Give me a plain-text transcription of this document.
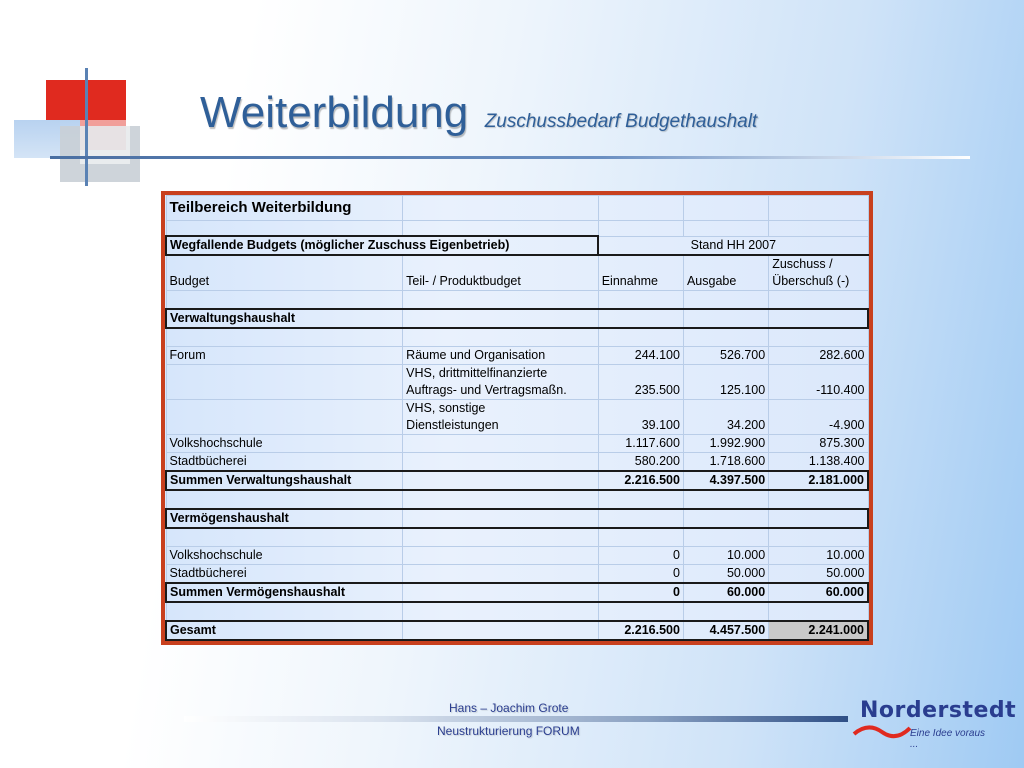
Weiterbildung Zuschussbedarf Budgethaushalt
Teilbereich Weiterbildung				

Wegfallende Budgets (möglicher Zuschuss Eigenbetrieb)		Stand HH 2007		
Budget	Teil- / Produktbudget	Einnahme	Ausgabe	Zuschuss /
Überschuß (-)

Verwaltungshaushalt				

Forum	Räume und Organisation	244.100	526.700	282.600
	VHS, drittmittelfinanzierte
Auftrags- und Vertragsmaßn.	235.500	125.100	-110.400
	VHS, sonstige
Dienstleistungen	39.100	34.200	-4.900
Volkshochschule		1.117.600	1.992.900	875.300
Stadtbücherei		580.200	1.718.600	1.138.400
Summen Verwaltungshaushalt		2.216.500	4.397.500	2.181.000

Vermögenshaushalt				

Volkshochschule		0	10.000	10.000
Stadtbücherei		0	50.000	50.000
Summen Vermögenshaushalt		0	60.000	60.000

Gesamt		2.216.500	4.457.500	2.241.000
Hans – Joachim Grote
Neustrukturierung FORUM
Norderstedt
Eine Idee voraus ...
